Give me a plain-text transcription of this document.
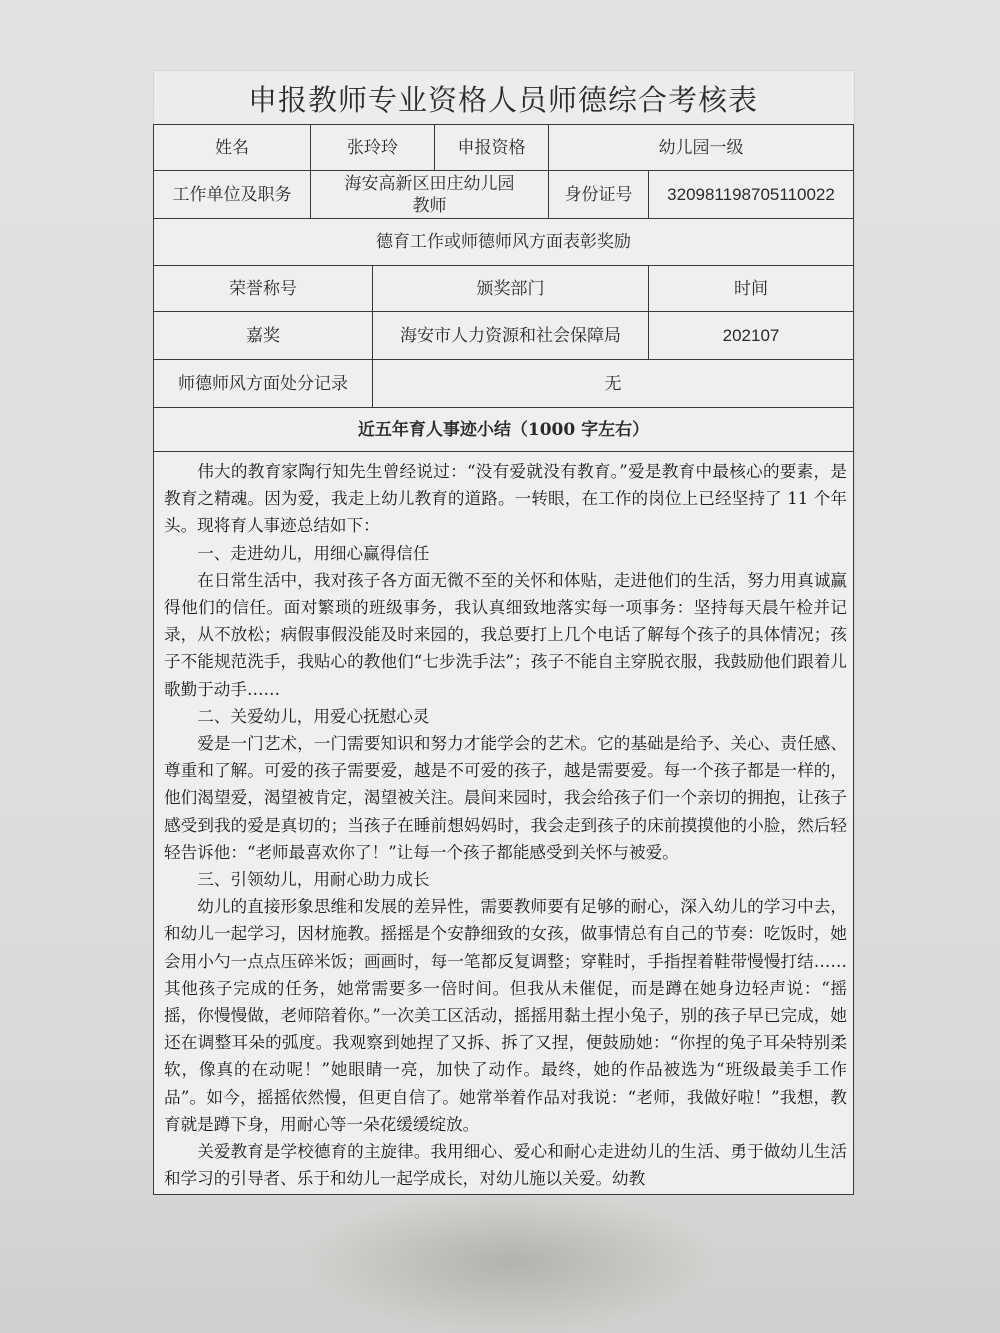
申报教师专业资格人员师德综合考核表
姓名	张玲玲		申报资格	幼儿园一级	
工作单位及职务	海安高新区田庄幼儿园
教师			身份证号	320981198705110022
德育工作或师德师风方面表彰奖励					
荣誉称号		颁奖部门			时间
嘉奖		海安市人力资源和社会保障局			202107
师德师风方面处分记录		无			
近五年育人事迹小结（1000 字左右）					

伟大的教育家陶行知先生曾经说过：“没有爱就没有教育。”爱是教育中最核心的要素，是教育之精魂。因为爱，我走上幼儿教育的道路。一转眼，在工作的岗位上已经坚持了 11 个年头。现将育人事迹总结如下：

一、走进幼儿，用细心赢得信任

在日常生活中，我对孩子各方面无微不至的关怀和体贴，走进他们的生活，努力用真诚赢得他们的信任。面对繁琐的班级事务，我认真细致地落实每一项事务：坚持每天晨午检并记录，从不放松；病假事假没能及时来园的，我总要打上几个电话了解每个孩子的具体情况；孩子不能规范洗手，我贴心的教他们“七步洗手法”；孩子不能自主穿脱衣服，我鼓励他们跟着儿歌勤于动手……

二、关爱幼儿，用爱心抚慰心灵

爱是一门艺术，一门需要知识和努力才能学会的艺术。它的基础是给予、关心、责任感、尊重和了解。可爱的孩子需要爱，越是不可爱的孩子，越是需要爱。每一个孩子都是一样的，他们渴望爱，渴望被肯定，渴望被关注。晨间来园时，我会给孩子们一个亲切的拥抱，让孩子感受到我的爱是真切的；当孩子在睡前想妈妈时，我会走到孩子的床前摸摸他的小脸，然后轻轻告诉他：“老师最喜欢你了！”让每一个孩子都能感受到关怀与被爱。

三、引领幼儿，用耐心助力成长

幼儿的直接形象思维和发展的差异性，需要教师要有足够的耐心，深入幼儿的学习中去，和幼儿一起学习，因材施教。摇摇是个安静细致的女孩，做事情总有自己的节奏：吃饭时，她会用小勺一点点压碎米饭；画画时，每一笔都反复调整；穿鞋时，手指捏着鞋带慢慢打结……其他孩子完成的任务，她常需要多一倍时间。但我从未催促，而是蹲在她身边轻声说：“摇摇，你慢慢做，老师陪着你。”一次美工区活动，摇摇用黏土捏小兔子，别的孩子早已完成，她还在调整耳朵的弧度。我观察到她捏了又拆、拆了又捏，便鼓励她：“你捏的兔子耳朵特别柔软，像真的在动呢！”她眼睛一亮，加快了动作。最终，她的作品被选为“班级最美手工作品”。如今，摇摇依然慢，但更自信了。她常举着作品对我说：“老师，我做好啦！”我想，教育就是蹲下身，用耐心等一朵花缓缓绽放。

关爱教育是学校德育的主旋律。我用细心、爱心和耐心走进幼儿的生活、勇于做幼儿生活和学习的引导者、乐于和幼儿一起学成长，对幼儿施以关爱。幼教
